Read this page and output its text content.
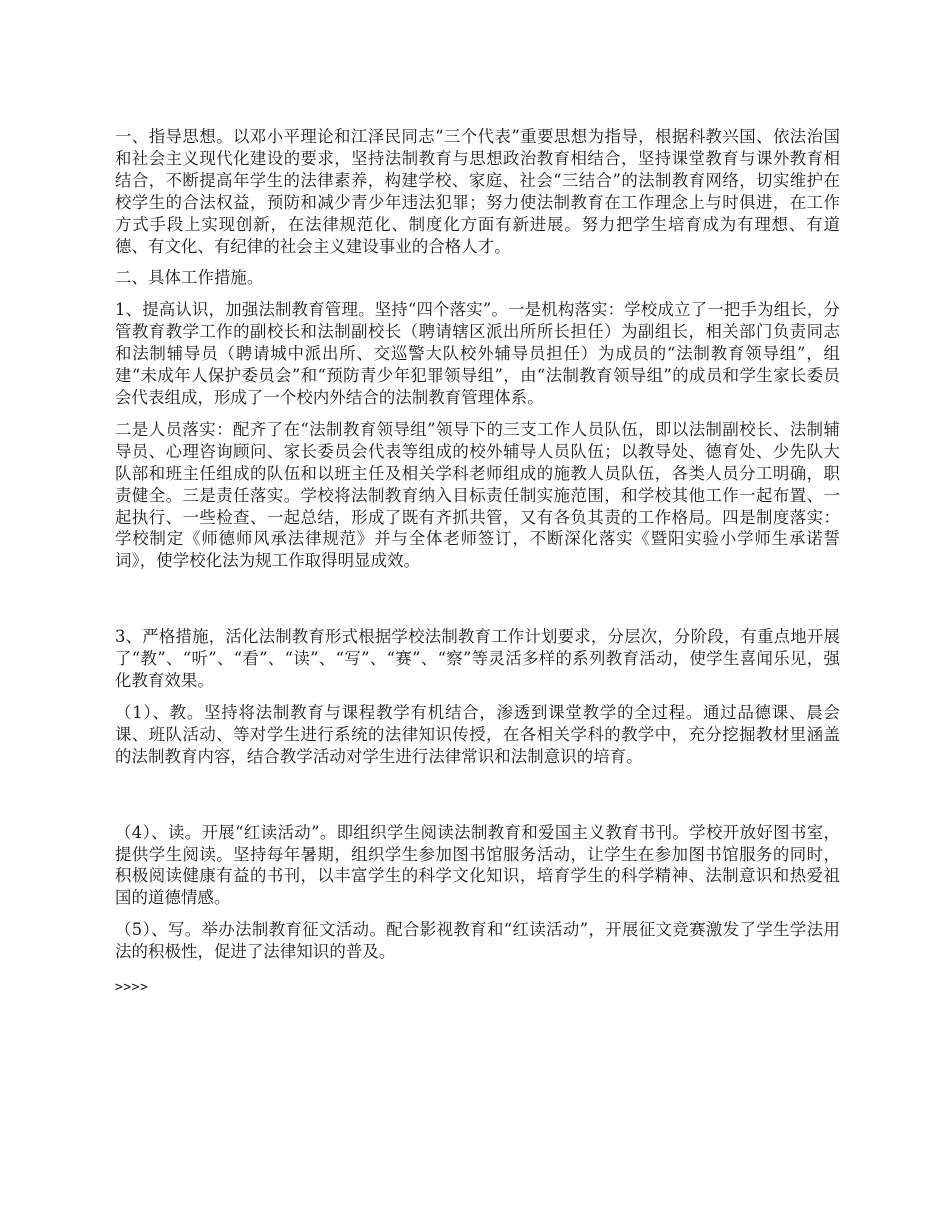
一、指导思想。以邓小平理论和江泽民同志“三个代表”重要思想为指导，根据科教兴国、依法治国和社会主义现代化建设的要求，坚持法制教育与思想政治教育相结合，坚持课堂教育与课外教育相结合，不断提高年学生的法律素养，构建学校、家庭、社会“三结合”的法制教育网络，切实维护在校学生的合法权益，预防和减少青少年违法犯罪；努力使法制教育在工作理念上与时俱进，在工作方式手段上实现创新，在法律规范化、制度化方面有新进展。努力把学生培育成为有理想、有道德、有文化、有纪律的社会主义建设事业的合格人才。

二、具体工作措施。

1、提高认识，加强法制教育管理。坚持“四个落实”。一是机构落实：学校成立了一把手为组长，分管教育教学工作的副校长和法制副校长（聘请辖区派出所所长担任）为副组长，相关部门负责同志和法制辅导员（聘请城中派出所、交巡警大队校外辅导员担任）为成员的“法制教育领导组”，组建“未成年人保护委员会”和“预防青少年犯罪领导组”，由“法制教育领导组”的成员和学生家长委员会代表组成，形成了一个校内外结合的法制教育管理体系。

二是人员落实：配齐了在“法制教育领导组”领导下的三支工作人员队伍，即以法制副校长、法制辅导员、心理咨询顾问、家长委员会代表等组成的校外辅导人员队伍；以教导处、德育处、少先队大队部和班主任组成的队伍和以班主任及相关学科老师组成的施教人员队伍，各类人员分工明确，职责健全。三是责任落实。学校将法制教育纳入目标责任制实施范围，和学校其他工作一起布置、一起执行、一些检查、一起总结，形成了既有齐抓共管，又有各负其责的工作格局。四是制度落实：学校制定《师德师风承法律规范》并与全体老师签订，不断深化落实《暨阳实验小学师生承诺誓词》，使学校化法为规工作取得明显成效。

3、严格措施，活化法制教育形式根据学校法制教育工作计划要求，分层次，分阶段，有重点地开展了“教”、“听”、“看”、“读”、“写”、“赛”、“察”等灵活多样的系列教育活动，使学生喜闻乐见，强化教育效果。

（1）、教。坚持将法制教育与课程教学有机结合，渗透到课堂教学的全过程。通过品德课、晨会课、班队活动、等对学生进行系统的法律知识传授，在各相关学科的教学中，充分挖掘教材里涵盖的法制教育内容，结合教学活动对学生进行法律常识和法制意识的培育。

（4）、读。开展“红读活动”。即组织学生阅读法制教育和爱国主义教育书刊。学校开放好图书室，提供学生阅读。坚持每年暑期，组织学生参加图书馆服务活动，让学生在参加图书馆服务的同时，积极阅读健康有益的书刊，以丰富学生的科学文化知识，培育学生的科学精神、法制意识和热爱祖国的道德情感。

（5）、写。举办法制教育征文活动。配合影视教育和“红读活动”，开展征文竞赛激发了学生学法用法的积极性，促进了法律知识的普及。

>>>>
